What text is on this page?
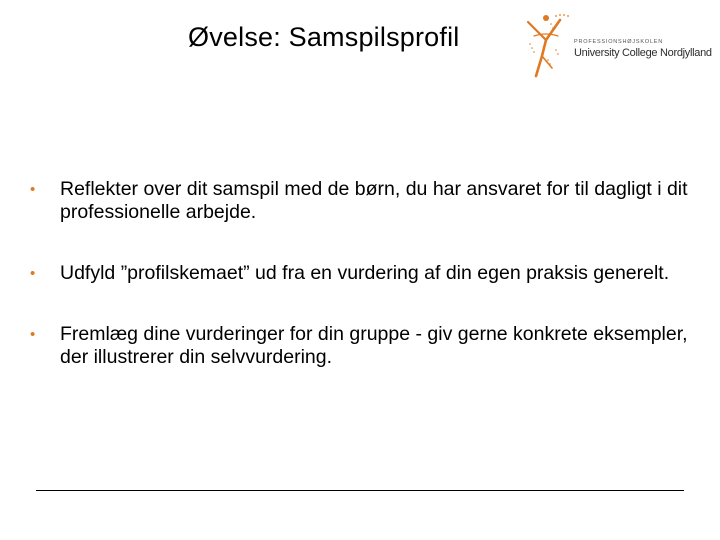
Øvelse: Samspilsprofil	PROFESSIONSHØJSKOLEN
University College Nordjylland
• Reflekter over dit samspil med de børn, du har ansvaret for til dagligt i dit professionelle arbejde.
• Udfyld ”profilskemaet” ud fra en vurdering af din egen praksis generelt.
• Fremlæg dine vurderinger for din gruppe - giv gerne konkrete eksempler, der illustrerer din selvvurdering.
